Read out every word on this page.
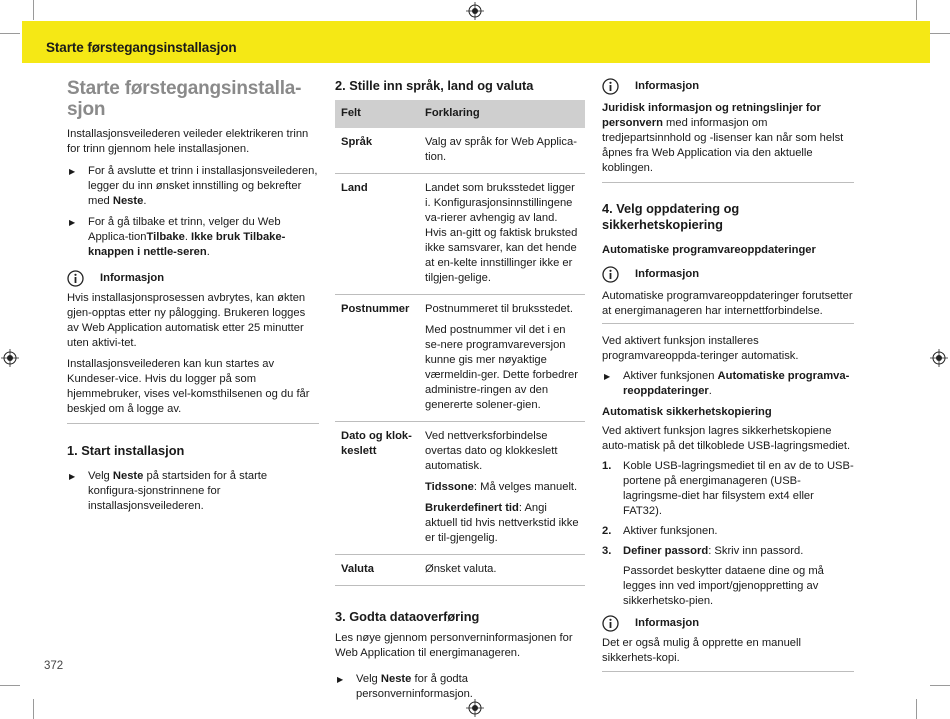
Starte førstegangsinstallasjon
Starte førstegangsinstalla-
sjon

Installasjonsveilederen veileder elektrikeren trinn for trinn gjennom hele installasjonen.

▶ For å avslutte et trinn i installasjonsveilederen, legger du inn ønsket innstilling og bekrefter med Neste.
▶ For å gå tilbake et trinn, velger du Web Applica-tionTilbake. Ikke bruk Tilbake-knappen i nettle-seren.
Informasjon

Hvis installasjonsprosessen avbrytes, kan økten gjen-opptas etter ny pålogging. Brukeren logges av Web Application automatisk etter 25 minutter uten aktivi-tet.

Installasjonsveilederen kan kun startes av Kundeser-vice. Hvis du logger på som hjemmebruker, vises vel-komsthilsenen og du får beskjed om å logge av.

1. Start installasjon
▶ Velg Neste på startsiden for å starte konfigura-sjonstrinnene for installasjonsveilederen.
2. Stille inn språk, land og valuta
Felt	Forklaring
Språk	Valg av språk for Web Applica-tion.

Land	Landet som bruksstedet ligger i. Konfigurasjonsinnstillingene va-rierer avhengig av land. Hvis an-gitt og faktisk bruksted ikke samsvarer, kan det hende at en-kelte innstillinger ikke er tilgjen-gelige.

Postnummer	Postnummeret til bruksstedet.

Med postnummer vil det i en se-nere programvareversjon kunne gis mer nøyaktige værmeldin-ger. Dette forbedrer administre-ringen av den genererte solener-gien.

Dato og klok-keslett	Ved nettverksforbindelse overtas dato og klokkeslett automatisk.

Tidssone: Må velges manuelt.

Brukerdefinert tid: Angi aktuell tid hvis nettverkstid ikke er til-gjengelig.

Valuta	Ønsket valuta.

3. Godta dataoverføring

Les nøye gjennom personverninformasjonen for Web Application til energimanageren.

▶ Velg Neste for å godta personverninformasjon.
Informasjon

Juridisk informasjon og retningslinjer for personvern med informasjon om tredjepartsinnhold og -lisenser kan når som helst åpnes fra Web Application via den aktuelle koblingen.

4. Velg oppdatering og sikkerhetskopiering
Automatiske programvareoppdateringer
Informasjon

Automatiske programvareoppdateringer forutsetter at energimanageren har internettforbindelse.

Ved aktivert funksjon installeres programvareoppda-teringer automatisk.

▶ Aktiver funksjonen Automatiske programva-reoppdateringer.
Automatisk sikkerhetskopiering

Ved aktivert funksjon lagres sikkerhetskopiene auto-matisk på det tilkoblede USB-lagringsmediet.

1. Koble USB-lagringsmediet til en av de to USB-portene på energimanageren (USB-lagringsme-diet har filsystem ext4 eller FAT32).
2. Aktiver funksjonen.
3. Definer passord: Skriv inn passord.

Passordet beskytter dataene dine og må legges inn ved import/gjenoppretting av sikkerhetsko-pien.

Informasjon

Det er også mulig å opprette en manuell sikkerhets-kopi.

372
